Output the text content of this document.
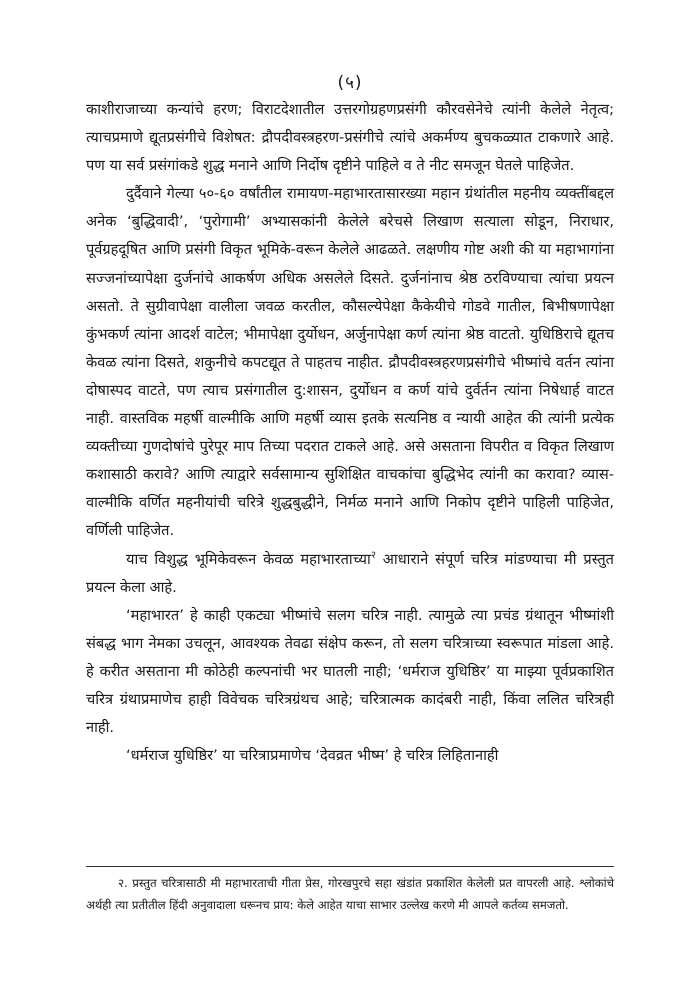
(५)

काशीराजाच्या कन्यांचे हरण; विराटदेशातील उत्तरगोग्रहणप्रसंगी कौरवसेनेचे त्यांनी केलेले नेतृत्व; त्याचप्रमाणे द्यूतप्रसंगीचे विशेषत: द्रौपदीवस्त्रहरण-प्रसंगीचे त्यांचे अकर्मण्य बुचकळ्यात टाकणारे आहे. पण या सर्व प्रसंगांकडे शुद्ध मनाने आणि निर्दोष दृष्टीने पाहिले व ते नीट समजून घेतले पाहिजेत.

दुर्दैवाने गेल्या ५०-६० वर्षांतील रामायण-महाभारतासारख्या महान ग्रंथांतील महनीय व्यक्तींबद्दल अनेक ‘बुद्धिवादी’, ‘पुरोगामी’ अभ्यासकांनी केलेले बरेचसे लिखाण सत्याला सोडून, निराधार, पूर्वग्रहदूषित आणि प्रसंगी विकृत भूमिके-वरून केलेले आढळते. लक्षणीय गोष्ट अशी की या महाभागांना सज्जनांच्यापेक्षा दुर्जनांचे आकर्षण अधिक असलेले दिसते. दुर्जनांनाच श्रेष्ठ ठरविण्याचा त्यांचा प्रयत्न असतो. ते सुग्रीवापेक्षा वालीला जवळ करतील, कौसल्येपेक्षा कैकेयीचे गोडवे गातील, बिभीषणापेक्षा कुंभकर्ण त्यांना आदर्श वाटेल; भीमापेक्षा दुर्योधन, अर्जुनापेक्षा कर्ण त्यांना श्रेष्ठ वाटतो. युधिष्ठिराचे द्यूतच केवळ त्यांना दिसते, शकुनीचे कपटद्यूत ते पाहतच नाहीत. द्रौपदीवस्त्रहरणप्रसंगीचे भीष्मांचे वर्तन त्यांना दोषास्पद वाटते, पण त्याच प्रसंगातील दु:शासन, दुर्योधन व कर्ण यांचे दुर्वर्तन त्यांना निषेधार्ह वाटत नाही. वास्तविक महर्षी वाल्मीकि आणि महर्षी व्यास इतके सत्यनिष्ठ व न्यायी आहेत की त्यांनी प्रत्येक व्यक्तीच्या गुणदोषांचे पुरेपूर माप तिच्या पदरात टाकले आहे. असे असताना विपरीत व विकृत लिखाण कशासाठी करावे? आणि त्याद्वारे सर्वसामान्य सुशिक्षित वाचकांचा बुद्धिभेद त्यांनी का करावा? व्यास-वाल्मीकि वर्णित महनीयांची चरित्रे शुद्धबुद्धीने, निर्मळ मनाने आणि निकोप दृष्टीने पाहिली पाहिजेत, वर्णिली पाहिजेत.

याच विशुद्ध भूमिकेवरून केवळ महाभारताच्या$^२$ आधाराने संपूर्ण चरित्र मांडण्याचा मी प्रस्तुत प्रयत्न केला आहे.

‘महाभारत’ हे काही एकट्या भीष्मांचे सलग चरित्र नाही. त्यामुळे त्या प्रचंड ग्रंथातून भीष्मांशी संबद्ध भाग नेमका उचलून, आवश्यक तेवढा संक्षेप करून, तो सलग चरित्राच्या स्वरूपात मांडला आहे. हे करीत असताना मी कोठेही कल्पनांची भर घातली नाही; ‘धर्मराज युधिष्ठिर’ या माझ्या पूर्वप्रकाशित चरित्र ग्रंथाप्रमाणेच हाही विवेचक चरित्रग्रंथच आहे; चरित्रात्मक कादंबरी नाही, किंवा ललित चरित्रही नाही.

‘धर्मराज युधिष्ठिर’ या चरित्राप्रमाणेच ‘देवव्रत भीष्म’ हे चरित्र लिहितानाही

२. प्रस्तुत चरित्रासाठी मी महाभारताची गीता प्रेस, गोरखपुरचे सहा खंडांत प्रकाशित केलेली प्रत वापरली आहे. श्लोकांचे अर्थही त्या प्रतीतील हिंदी अनुवादाला धरूनच प्राय: केले आहेत याचा साभार उल्लेख करणे मी आपले कर्तव्य समजतो.
